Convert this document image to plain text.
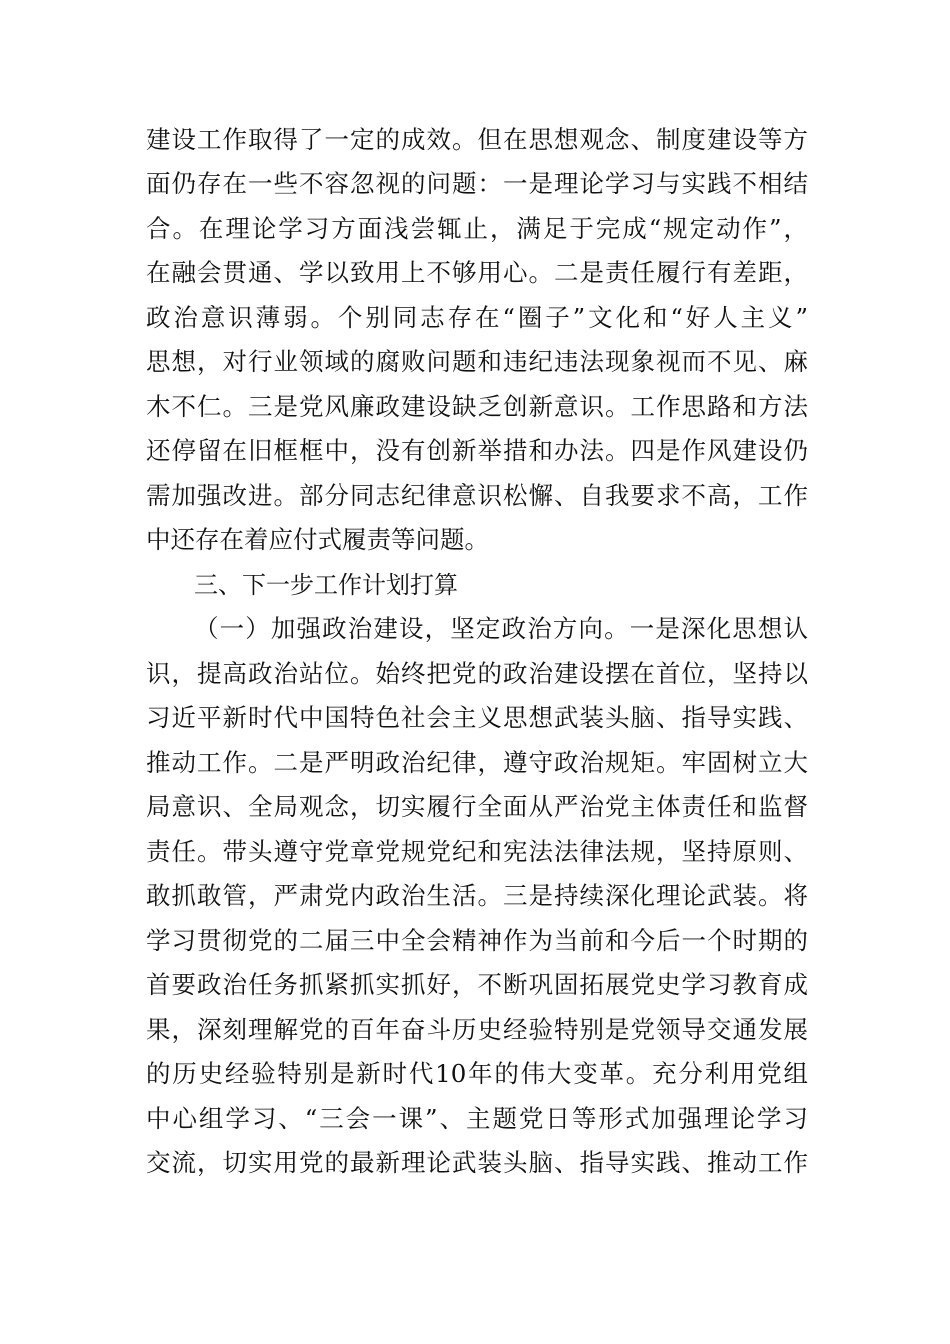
建设工作取得了一定的成效。但在思想观念、制度建设等方
面仍存在一些不容忽视的问题：一是理论学习与实践不相结
合。在理论学习方面浅尝辄止，满足于完成“规定动作”，
在融会贯通、学以致用上不够用心。二是责任履行有差距，
政治意识薄弱。个别同志存在“圈子”文化和“好人主义”
思想，对行业领域的腐败问题和违纪违法现象视而不见、麻
木不仁。三是党风廉政建设缺乏创新意识。工作思路和方法
还停留在旧框框中，没有创新举措和办法。四是作风建设仍
需加强改进。部分同志纪律意识松懈、自我要求不高，工作
中还存在着应付式履责等问题。
三、下一步工作计划打算
（一）加强政治建设，坚定政治方向。一是深化思想认
识，提高政治站位。始终把党的政治建设摆在首位，坚持以
习近平新时代中国特色社会主义思想武装头脑、指导实践、
推动工作。二是严明政治纪律，遵守政治规矩。牢固树立大
局意识、全局观念，切实履行全面从严治党主体责任和监督
责任。带头遵守党章党规党纪和宪法法律法规，坚持原则、
敢抓敢管，严肃党内政治生活。三是持续深化理论武装。将
学习贯彻党的二届三中全会精神作为当前和今后一个时期的
首要政治任务抓紧抓实抓好，不断巩固拓展党史学习教育成
果，深刻理解党的百年奋斗历史经验特别是党领导交通发展
的历史经验特别是新时代10年的伟大变革。充分利用党组
中心组学习、“三会一课”、主题党日等形式加强理论学习
交流，切实用党的最新理论武装头脑、指导实践、推动工作
